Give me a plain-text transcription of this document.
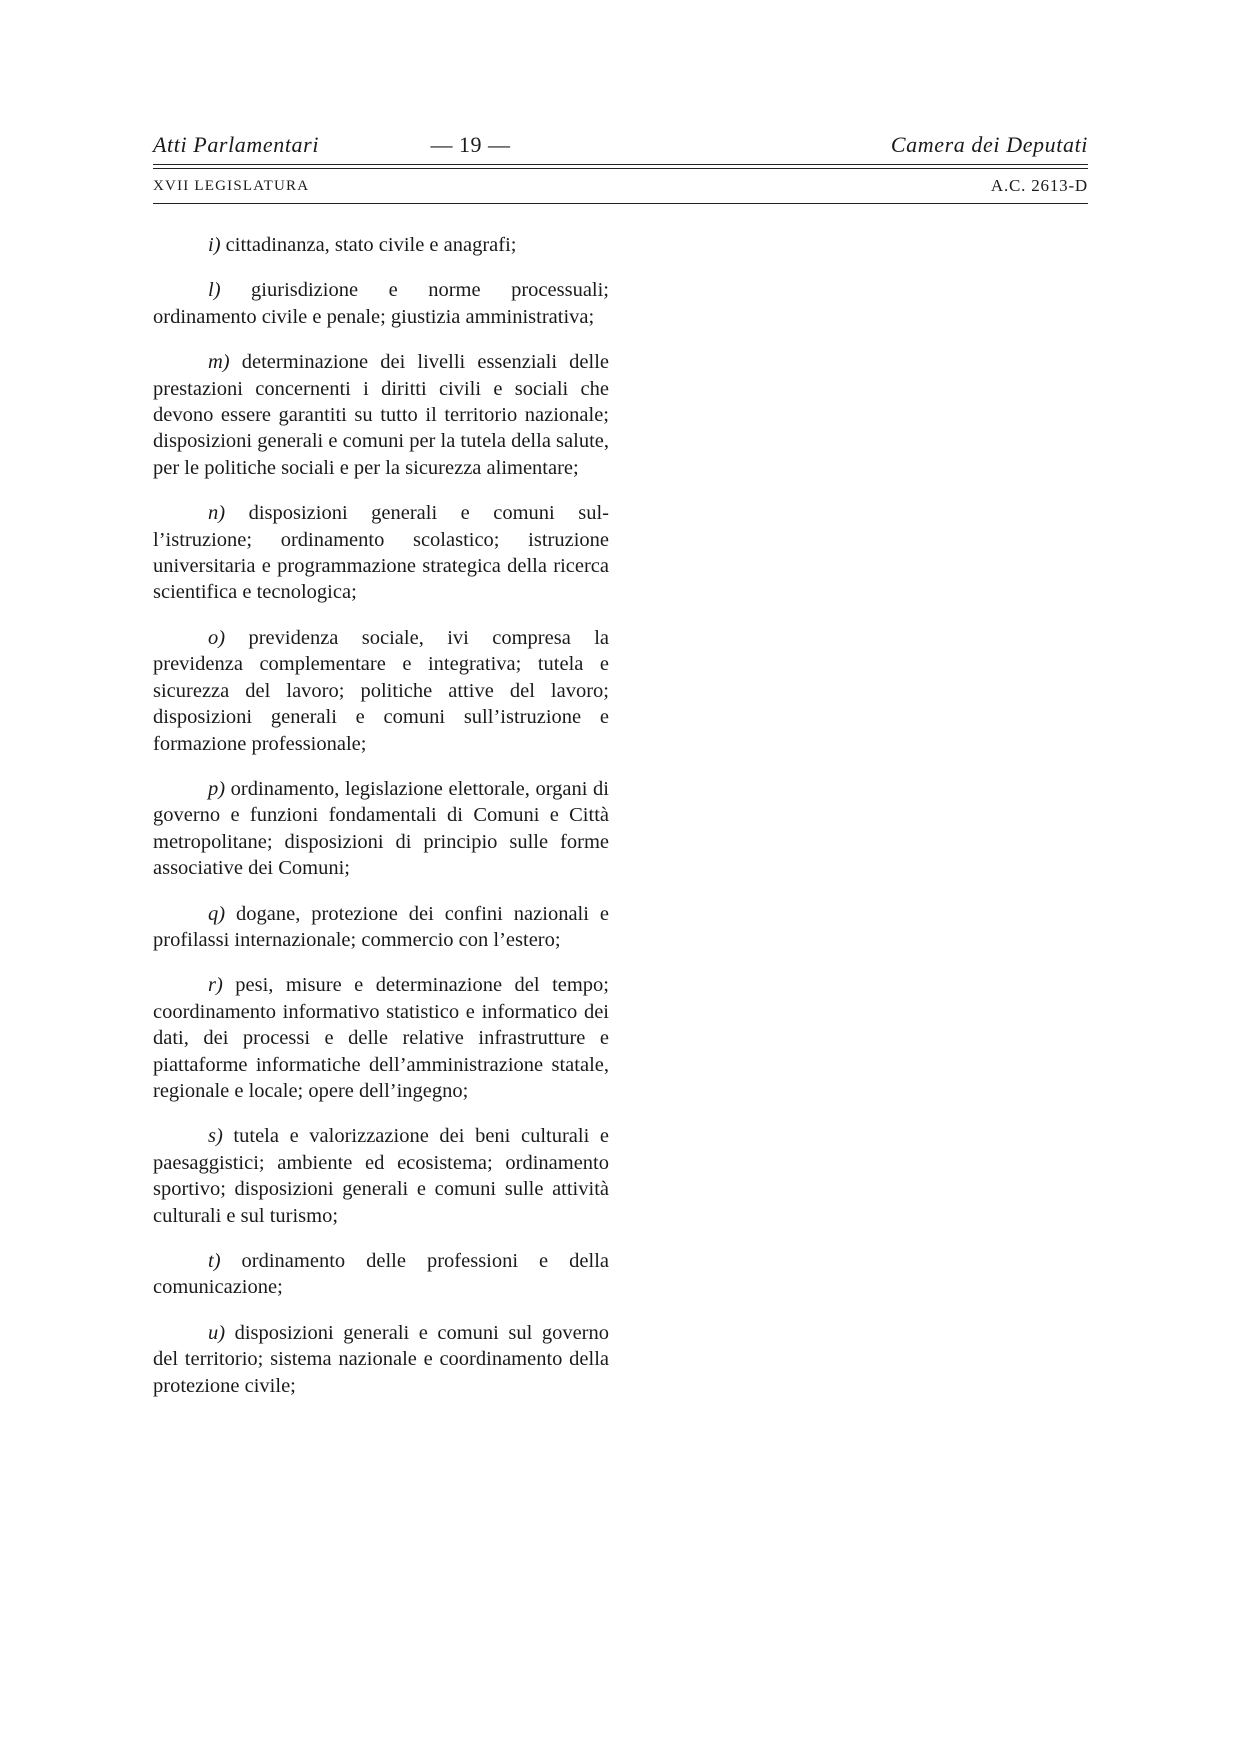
Atti Parlamentari	— 19 —	Camera dei Deputati
XVII LEGISLATURA	A.C. 2613-D

i) cittadinanza, stato civile e anagrafi;

l) giurisdizione e norme processuali; ordinamento civile e penale; giustizia amministrativa;

m) determinazione dei livelli essenziali delle prestazioni concernenti i diritti civili e sociali che devono essere garantiti su tutto il territorio nazionale; disposizioni generali e comuni per la tutela della salute, per le politiche sociali e per la sicurezza alimentare;

n) disposizioni generali e comuni sull’istruzione; ordinamento scolastico; istruzione universitaria e programmazione strategica della ricerca scientifica e tecnologica;

o) previdenza sociale, ivi compresa la previdenza complementare e integrativa; tutela e sicurezza del lavoro; politiche attive del lavoro; disposizioni generali e comuni sull’istruzione e formazione professionale;

p) ordinamento, legislazione elettorale, organi di governo e funzioni fondamentali di Comuni e Città metropolitane; disposizioni di principio sulle forme associative dei Comuni;

q) dogane, protezione dei confini nazionali e profilassi internazionale; commercio con l’estero;

r) pesi, misure e determinazione del tempo; coordinamento informativo statistico e informatico dei dati, dei processi e delle relative infrastrutture e piattaforme informatiche dell’amministrazione statale, regionale e locale; opere dell’ingegno;

s) tutela e valorizzazione dei beni culturali e paesaggistici; ambiente ed ecosistema; ordinamento sportivo; disposizioni generali e comuni sulle attività culturali e sul turismo;

t) ordinamento delle professioni e della comunicazione;

u) disposizioni generali e comuni sul governo del territorio; sistema nazionale e coordinamento della protezione civile;
